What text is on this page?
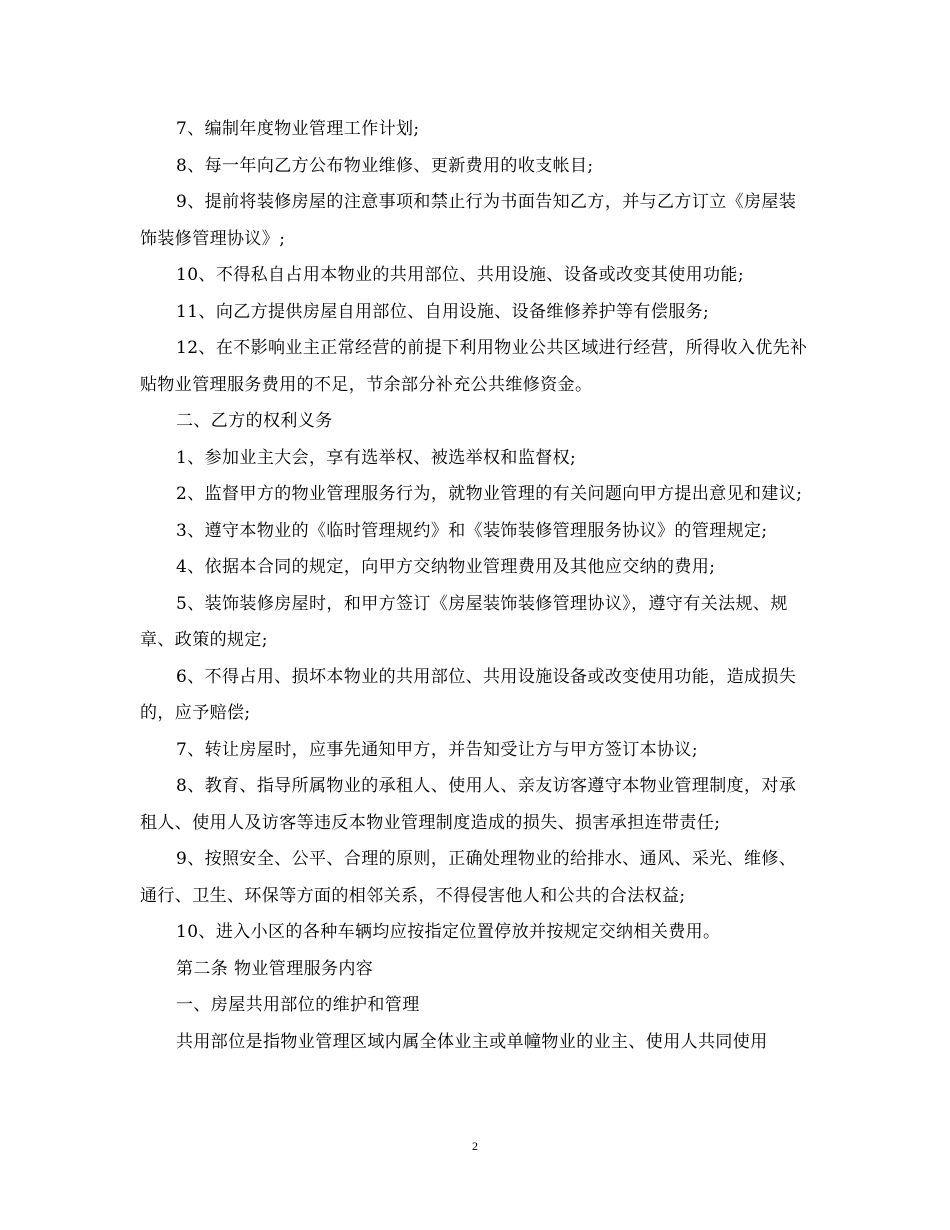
7、编制年度物业管理工作计划;

8、每一年向乙方公布物业维修、更新费用的收支帐目;

9、提前将装修房屋的注意事项和禁止行为书面告知乙方，并与乙方订立《房屋装饰装修管理协议》;

10、不得私自占用本物业的共用部位、共用设施、设备或改变其使用功能;

11、向乙方提供房屋自用部位、自用设施、设备维修养护等有偿服务;

12、在不影响业主正常经营的前提下利用物业公共区域进行经营，所得收入优先补贴物业管理服务费用的不足，节余部分补充公共维修资金。

二、乙方的权利义务

1、参加业主大会，享有选举权、被选举权和监督权;

2、监督甲方的物业管理服务行为，就物业管理的有关问题向甲方提出意见和建议;

3、遵守本物业的《临时管理规约》和《装饰装修管理服务协议》的管理规定;

4、依据本合同的规定，向甲方交纳物业管理费用及其他应交纳的费用;

5、装饰装修房屋时，和甲方签订《房屋装饰装修管理协议》，遵守有关法规、规章、政策的规定;

6、不得占用、损坏本物业的共用部位、共用设施设备或改变使用功能，造成损失的，应予赔偿;

7、转让房屋时，应事先通知甲方，并告知受让方与甲方签订本协议;

8、教育、指导所属物业的承租人、使用人、亲友访客遵守本物业管理制度，对承租人、使用人及访客等违反本物业管理制度造成的损失、损害承担连带责任;

9、按照安全、公平、合理的原则，正确处理物业的给排水、通风、采光、维修、通行、卫生、环保等方面的相邻关系，不得侵害他人和公共的合法权益;

10、进入小区的各种车辆均应按指定位置停放并按规定交纳相关费用。

第二条 物业管理服务内容

一、房屋共用部位的维护和管理

共用部位是指物业管理区域内属全体业主或单幢物业的业主、使用人共同使用

2
